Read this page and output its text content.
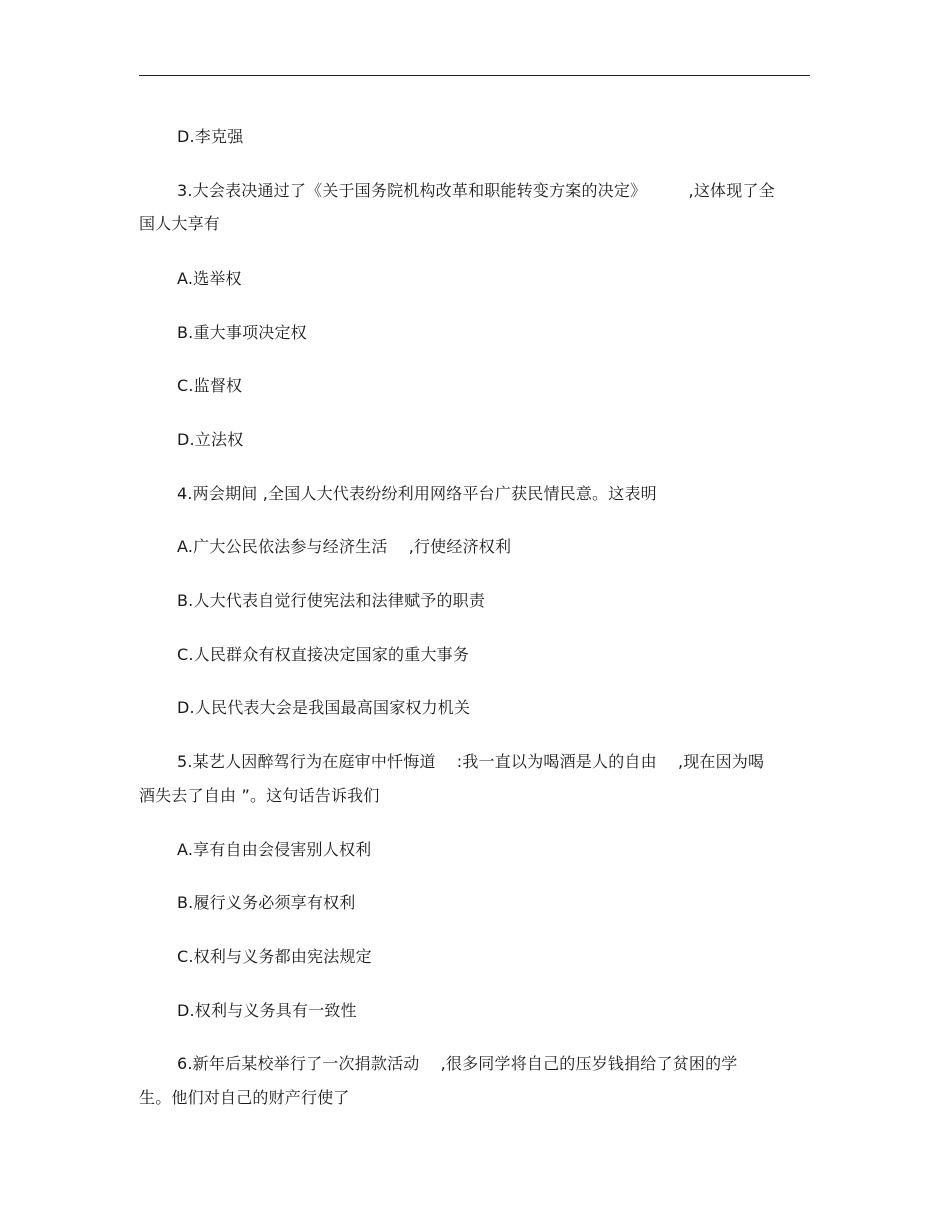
D.李克强
3.大会表决通过了《关于国务院机构改革和职能转变方案的决定》        ,这体现了全
国人大享有
A.选举权
B.重大事项决定权
C.监督权
D.立法权
4.两会期间 ,全国人大代表纷纷利用网络平台广获民情民意。这表明
A.广大公民依法参与经济生活    ,行使经济权利
B.人大代表自觉行使宪法和法律赋予的职责
C.人民群众有权直接决定国家的重大事务
D.人民代表大会是我国最高国家权力机关
5.某艺人因醉驾行为在庭审中忏悔道    :我一直以为喝酒是人的自由    ,现在因为喝
酒失去了自由 ”。这句话告诉我们
A.享有自由会侵害别人权利
B.履行义务必须享有权利
C.权利与义务都由宪法规定
D.权利与义务具有一致性
6.新年后某校举行了一次捐款活动    ,很多同学将自己的压岁钱捐给了贫困的学
生。他们对自己的财产行使了
